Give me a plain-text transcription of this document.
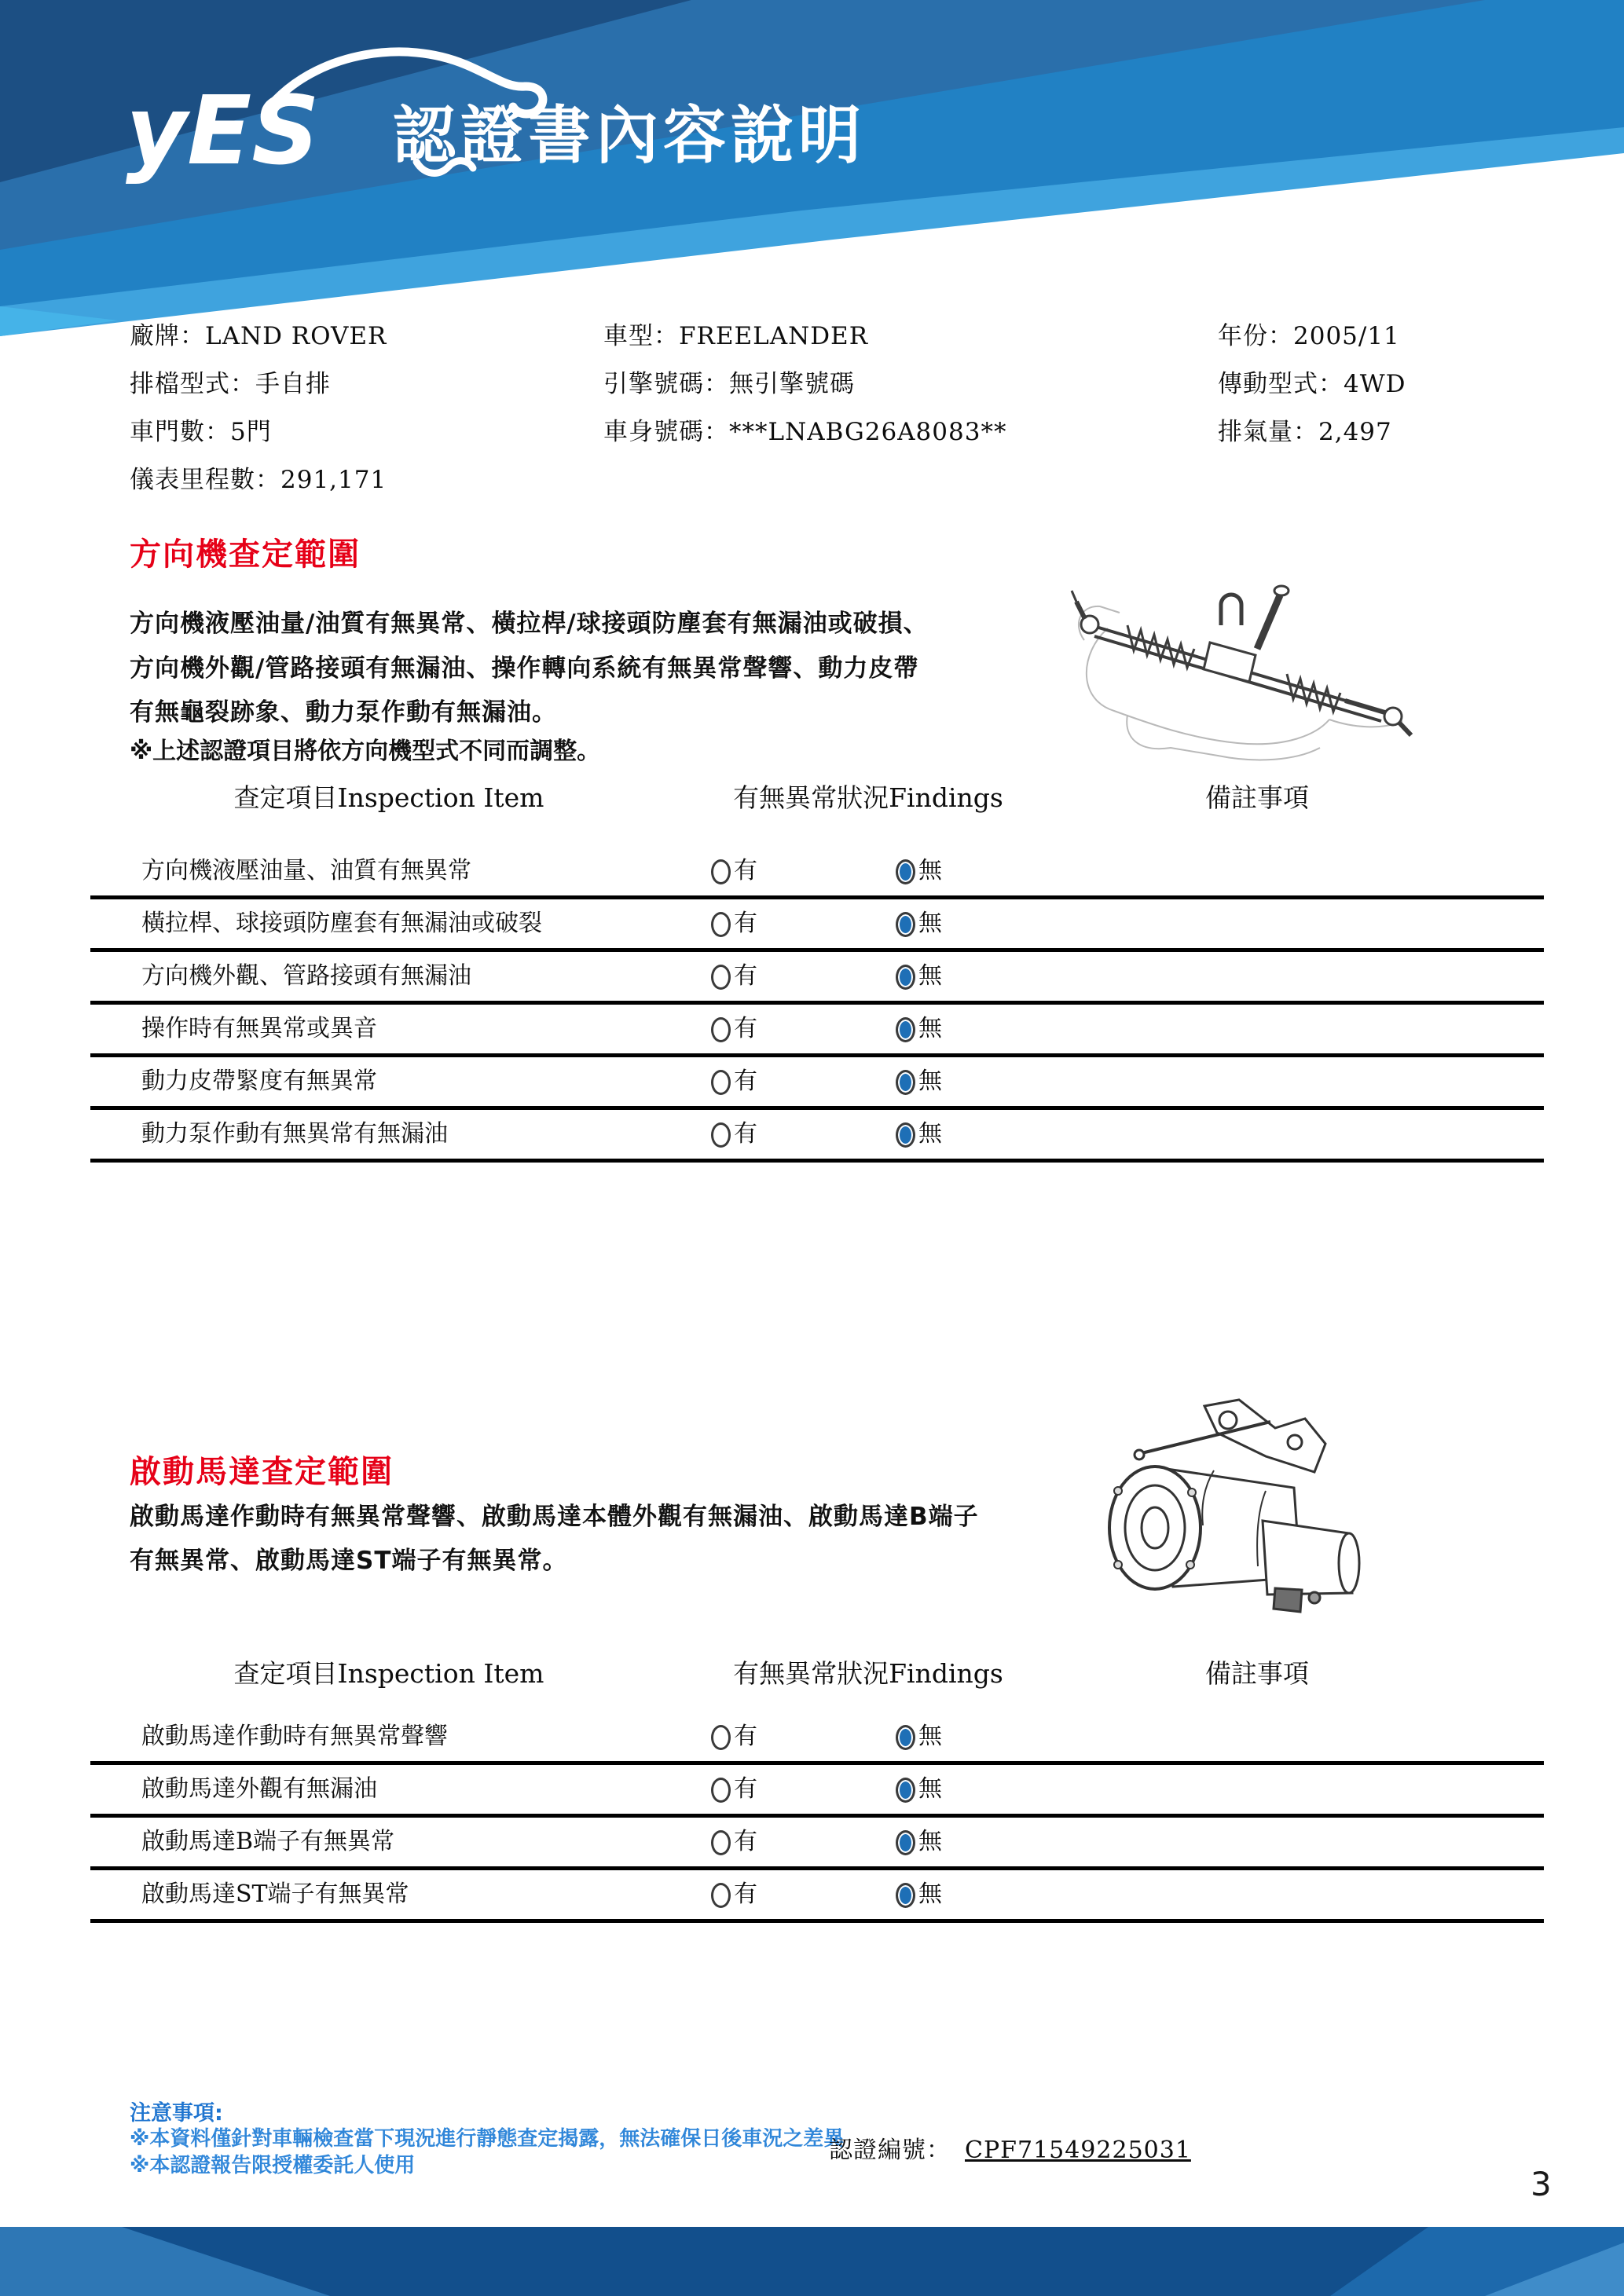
yES 認證書內容說明
廠牌：LAND ROVER
排檔型式：手自排
車門數：5門
儀表里程數：291,171
車型：FREELANDER
引擎號碼：無引擎號碼
車身號碼：***LNABG26A8083**
年份：2005/11
傳動型式：4WD
排氣量：2,497
方向機查定範圍
方向機液壓油量/油質有無異常、橫拉桿/球接頭防塵套有無漏油或破損、
方向機外觀/管路接頭有無漏油、操作轉向系統有無異常聲響、動力皮帶
有無龜裂跡象、動力泵作動有無漏油。
※上述認證項目將依方向機型式不同而調整。
查定項目Inspection Item	有無異常狀況Findings	備註事項
方向機液壓油量、油質有無異常	有	無
橫拉桿、球接頭防塵套有無漏油或破裂	有	無
方向機外觀、管路接頭有無漏油	有	無
操作時有無異常或異音	有	無
動力皮帶緊度有無異常	有	無
動力泵作動有無異常有無漏油	有	無
啟動馬達查定範圍
啟動馬達作動時有無異常聲響、啟動馬達本體外觀有無漏油、啟動馬達B端子
有無異常、啟動馬達ST端子有無異常。
查定項目Inspection Item	有無異常狀況Findings	備註事項
啟動馬達作動時有無異常聲響	有	無
啟動馬達外觀有無漏油	有	無
啟動馬達B端子有無異常	有	無
啟動馬達ST端子有無異常	有	無
注意事項:
※本資料僅針對車輛檢查當下現況進行靜態查定揭露，無法確保日後車況之差異
※本認證報告限授權委託人使用
認證編號： CPF71549225031
3
